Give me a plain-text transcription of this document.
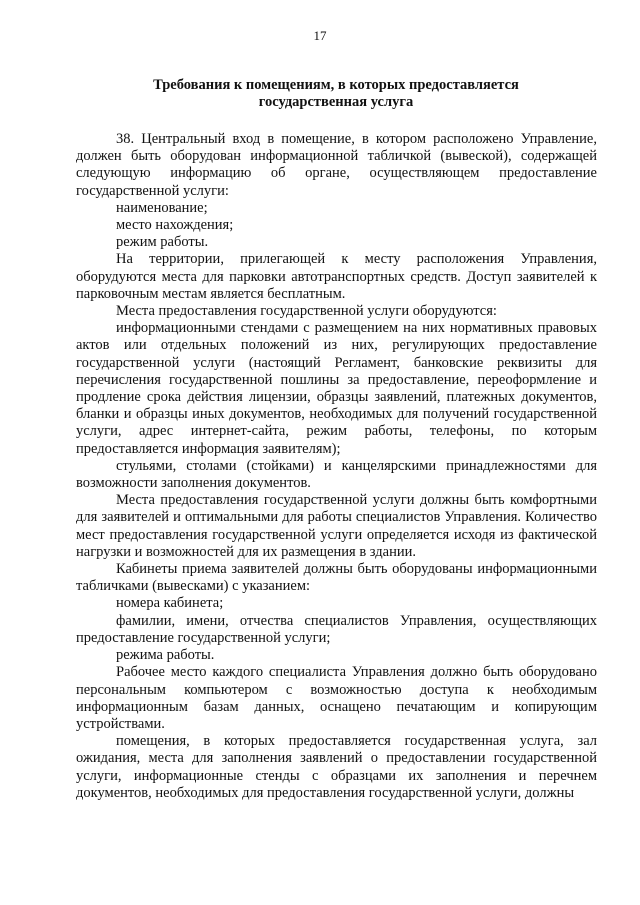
17
Требования к помещениям, в которых предоставляется
государственная услуга

38. Центральный вход в помещение, в котором расположено Управление, должен быть оборудован информационной табличкой (вывеской), содержащей следующую информацию об органе, осуществляющем предоставление государственной услуги:

наименование;

место нахождения;

режим работы.

На территории, прилегающей к месту расположения Управления, оборудуются места для парковки автотранспортных средств. Доступ заявителей к парковочным местам является бесплатным.

Места предоставления государственной услуги оборудуются:

информационными стендами с размещением на них нормативных правовых актов или отдельных положений из них, регулирующих предоставление государственной услуги (настоящий Регламент, банковские реквизиты для перечисления государственной пошлины за предоставление, переоформление и продление срока действия лицензии, образцы заявлений, платежных документов, бланки и образцы иных документов, необходимых для получений государственной услуги, адрес интернет-сайта, режим работы, телефоны, по которым предоставляется информация заявителям);

стульями, столами (стойками) и канцелярскими принадлежностями для возможности заполнения документов.

Места предоставления государственной услуги должны быть комфортными для заявителей и оптимальными для работы специалистов Управления. Количество мест предоставления государственной услуги определяется исходя из фактической нагрузки и возможностей для их размещения в здании.

Кабинеты приема заявителей должны быть оборудованы информационными табличками (вывесками) с указанием:

номера кабинета;

фамилии, имени, отчества специалистов Управления, осуществляющих предоставление государственной услуги;

режима работы.

Рабочее место каждого специалиста Управления должно быть оборудовано персональным компьютером с возможностью доступа к необходимым информационным базам данных, оснащено печатающим и копирующим устройствами.

помещения, в которых предоставляется государственная услуга, зал ожидания, места для заполнения заявлений о предоставлении государственной услуги, информационные стенды с образцами их заполнения и перечнем документов, необходимых для предоставления государственной услуги, должны
